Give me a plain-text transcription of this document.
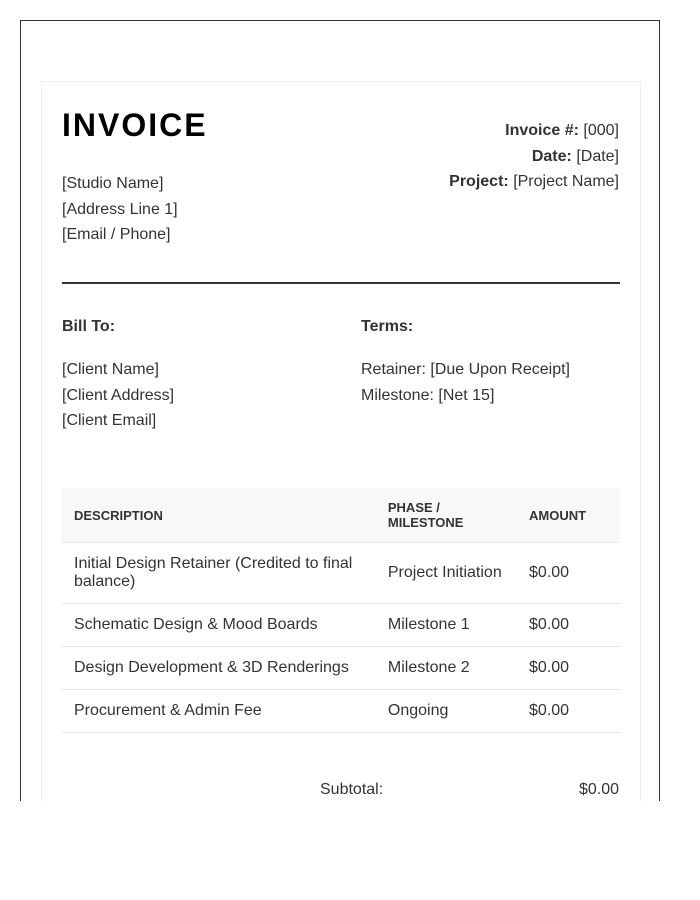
INVOICE
[Studio Name]
[Address Line 1]
[Email / Phone]
Invoice #: [000]
Date: [Date]
Project: [Project Name]
Bill To:	Terms:
[Client Name]
[Client Address]
[Client Email]
Retainer: [Due Upon Receipt]
Milestone: [Net 15]
DESCRIPTION	PHASE / MILESTONE	AMOUNT
Initial Design Retainer (Credited to final balance)	Project Initiation	$0.00
Schematic Design & Mood Boards	Milestone 1	$0.00
Design Development & 3D Renderings	Milestone 2	$0.00
Procurement & Admin Fee	Ongoing	$0.00
Subtotal:	$0.00
